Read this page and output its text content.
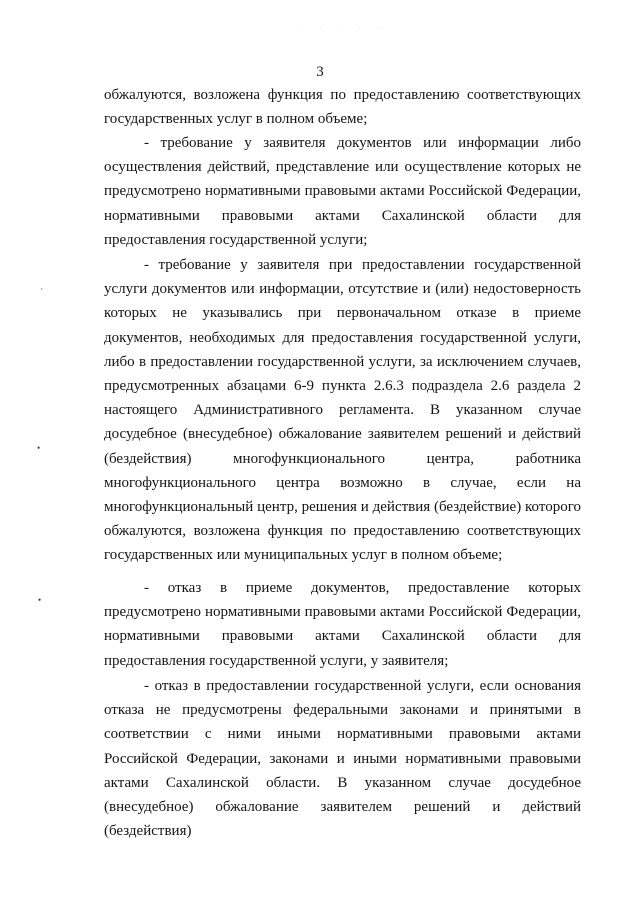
· · · · ·
3

обжалуются, возложена функция по предоставлению соответствующих государственных услуг в полном объеме;

- требование у заявителя документов или информации либо осуществления действий, представление или осуществление которых не предусмотрено нормативными правовыми актами Российской Федерации, нормативными правовыми актами Сахалинской области для предоставления государственной услуги;

- требование у заявителя при предоставлении государственной услуги документов или информации, отсутствие и (или) недостоверность которых не указывались при первоначальном отказе в приеме документов, необходимых для предоставления государственной услуги, либо в предоставлении государственной услуги, за исключением случаев, предусмотренных абзацами 6-9 пункта 2.6.3 подраздела 2.6 раздела 2 настоящего Административного регламента. В указанном случае досудебное (внесудебное) обжалование заявителем решений и действий (бездействия) многофункционального центра, работника многофункционального центра возможно в случае, если на многофункциональный центр, решения и действия (бездействие) которого обжалуются, возложена функция по предоставлению соответствующих государственных или муниципальных услуг в полном объеме;

- отказ в приеме документов, предоставление которых предусмотрено нормативными правовыми актами Российской Федерации, нормативными правовыми актами Сахалинской области для предоставления государственной услуги, у заявителя;

- отказ в предоставлении государственной услуги, если основания отказа не предусмотрены федеральными законами и принятыми в соответствии с ними иными нормативными правовыми актами Российской Федерации, законами и иными нормативными правовыми актами Сахалинской области. В указанном случае досудебное (внесудебное) обжалование заявителем решений и действий (бездействия)

ˊ
•
•
